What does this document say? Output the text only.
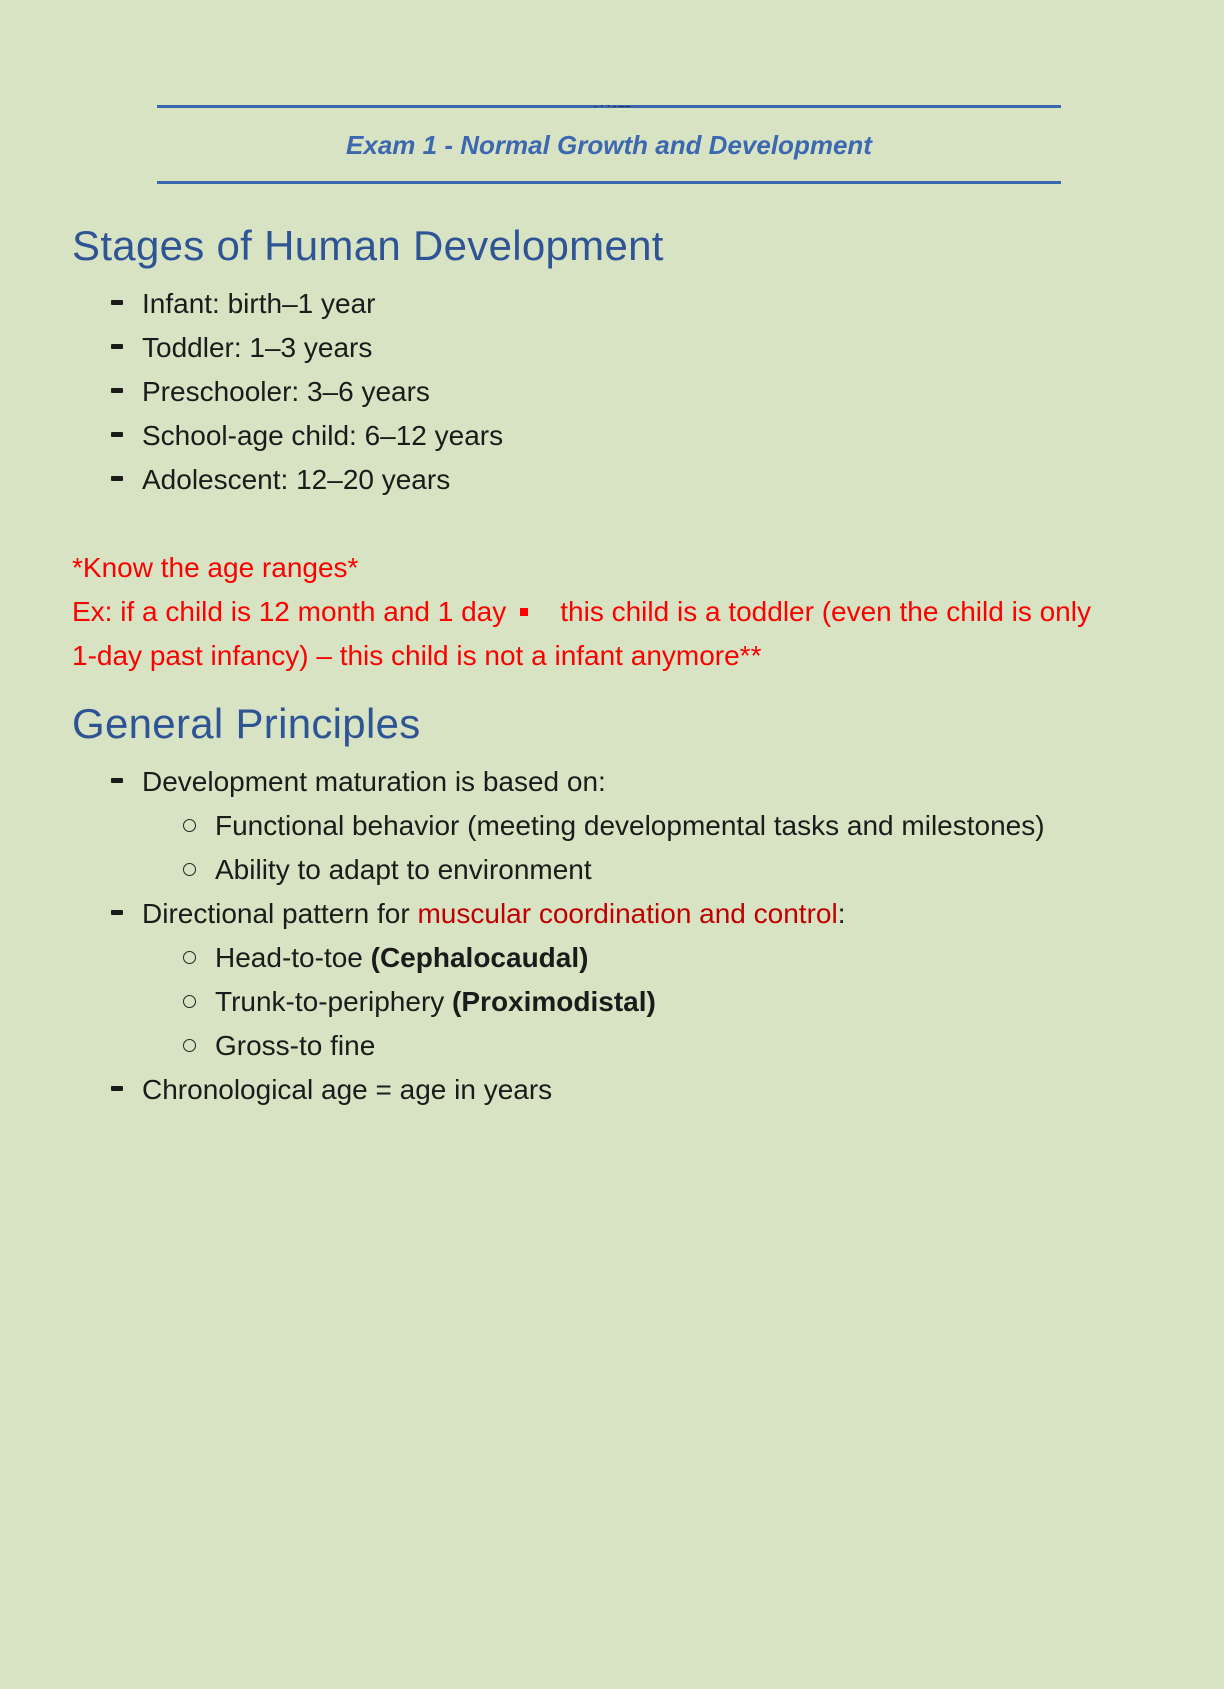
-··-——
Exam 1 - Normal Growth and Development
Stages of Human Development
Infant: birth–1 year
Toddler: 1–3 years
Preschooler: 3–6 years
School-age child: 6–12 years
Adolescent: 12–20 years
*Know the age ranges*
Ex: if a child is 12 month and 1 day this child is a toddler (even the child is only
1-day past infancy) – this child is not a infant anymore**
General Principles
Development maturation is based on:
Functional behavior (meeting developmental tasks and milestones)
Ability to adapt to environment
Directional pattern for muscular coordination and control:
Head-to-toe (Cephalocaudal)
Trunk-to-periphery (Proximodistal)
Gross-to fine
Chronological age = age in years
